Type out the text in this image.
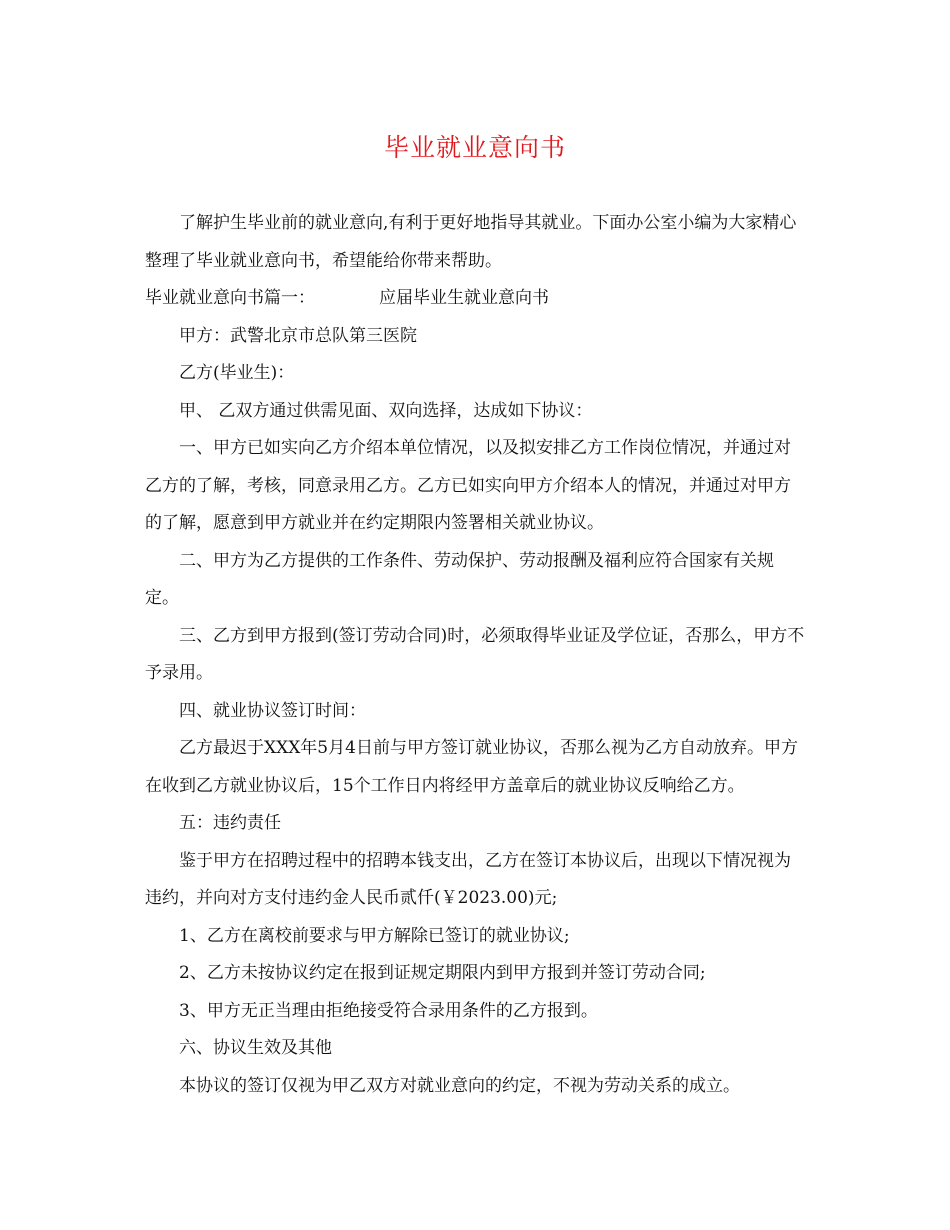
毕业就业意向书

了解护生毕业前的就业意向,有利于更好地指导其就业。下面办公室小编为大家精心整理了毕业就业意向书，希望能给你带来帮助。

毕业就业意向书篇一：	应届毕业生就业意向书

甲方：武警北京市总队第三医院

乙方(毕业生)：

甲、 乙双方通过供需见面、双向选择，达成如下协议：

一、甲方已如实向乙方介绍本单位情况，以及拟安排乙方工作岗位情况，并通过对乙方的了解，考核，同意录用乙方。乙方已如实向甲方介绍本人的情况，并通过对甲方的了解，愿意到甲方就业并在约定期限内签署相关就业协议。

二、甲方为乙方提供的工作条件、劳动保护、劳动报酬及福利应符合国家有关规定。

三、乙方到甲方报到(签订劳动合同)时，必须取得毕业证及学位证，否那么，甲方不予录用。

四、就业协议签订时间：

乙方最迟于XXX年5月4日前与甲方签订就业协议，否那么视为乙方自动放弃。甲方在收到乙方就业协议后，15个工作日内将经甲方盖章后的就业协议反响给乙方。

五：违约责任

鉴于甲方在招聘过程中的招聘本钱支出，乙方在签订本协议后，出现以下情况视为违约，并向对方支付违约金人民币贰仟(￥2023.00)元;

1、乙方在离校前要求与甲方解除已签订的就业协议;

2、乙方未按协议约定在报到证规定期限内到甲方报到并签订劳动合同;

3、甲方无正当理由拒绝接受符合录用条件的乙方报到。

六、协议生效及其他

本协议的签订仅视为甲乙双方对就业意向的约定，不视为劳动关系的成立。
